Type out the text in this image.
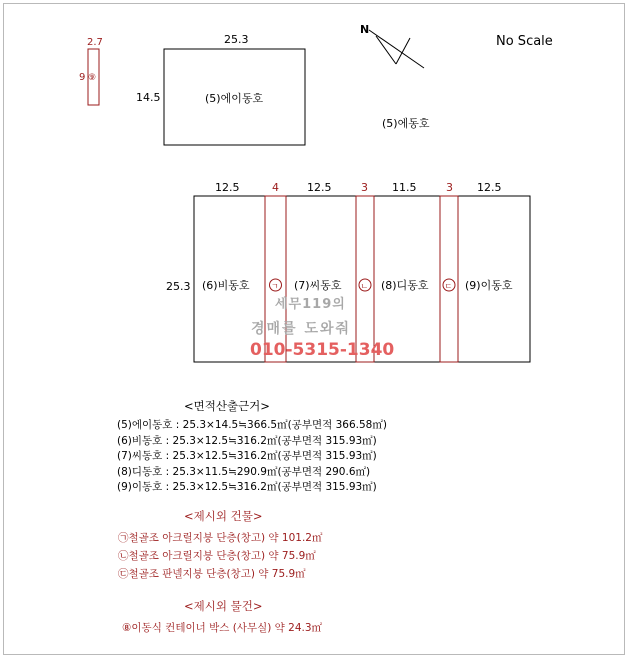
No Scale
N
2.7
9 ⑨
25.3
14.5	(5)에이동호
(5)에동호
25.3
12.5	4	12.5	3 11.5	3 12.5
(6)비동호	ㄱ (7)씨동호 ㄴ (8)디동호 ㄷ (9)이동호
세무119의
경매를 도와줘
010-5315-1340
<면적산출근거>
(5)에이동호 : 25.3×14.5≒366.5㎡(공부면적 366.58㎡)
(6)비동호 : 25.3×12.5≒316.2㎡(공부면적 315.93㎡)
(7)씨동호 : 25.3×12.5≒316.2㎡(공부면적 315.93㎡)
(8)디동호 : 25.3×11.5≒290.9㎡(공부면적 290.6㎡)
(9)이동호 : 25.3×12.5≒316.2㎡(공부면적 315.93㎡)
<제시외 건물>
㉠철골조 아크릴지붕 단층(창고) 약 101.2㎡
㉡철골조 아크릴지붕 단층(창고) 약 75.9㎡
㉢철골조 판넬지붕 단층(창고) 약 75.9㎡
<제시외 물건>
⑧이동식 컨테이너 박스 (사무실) 약 24.3㎡
